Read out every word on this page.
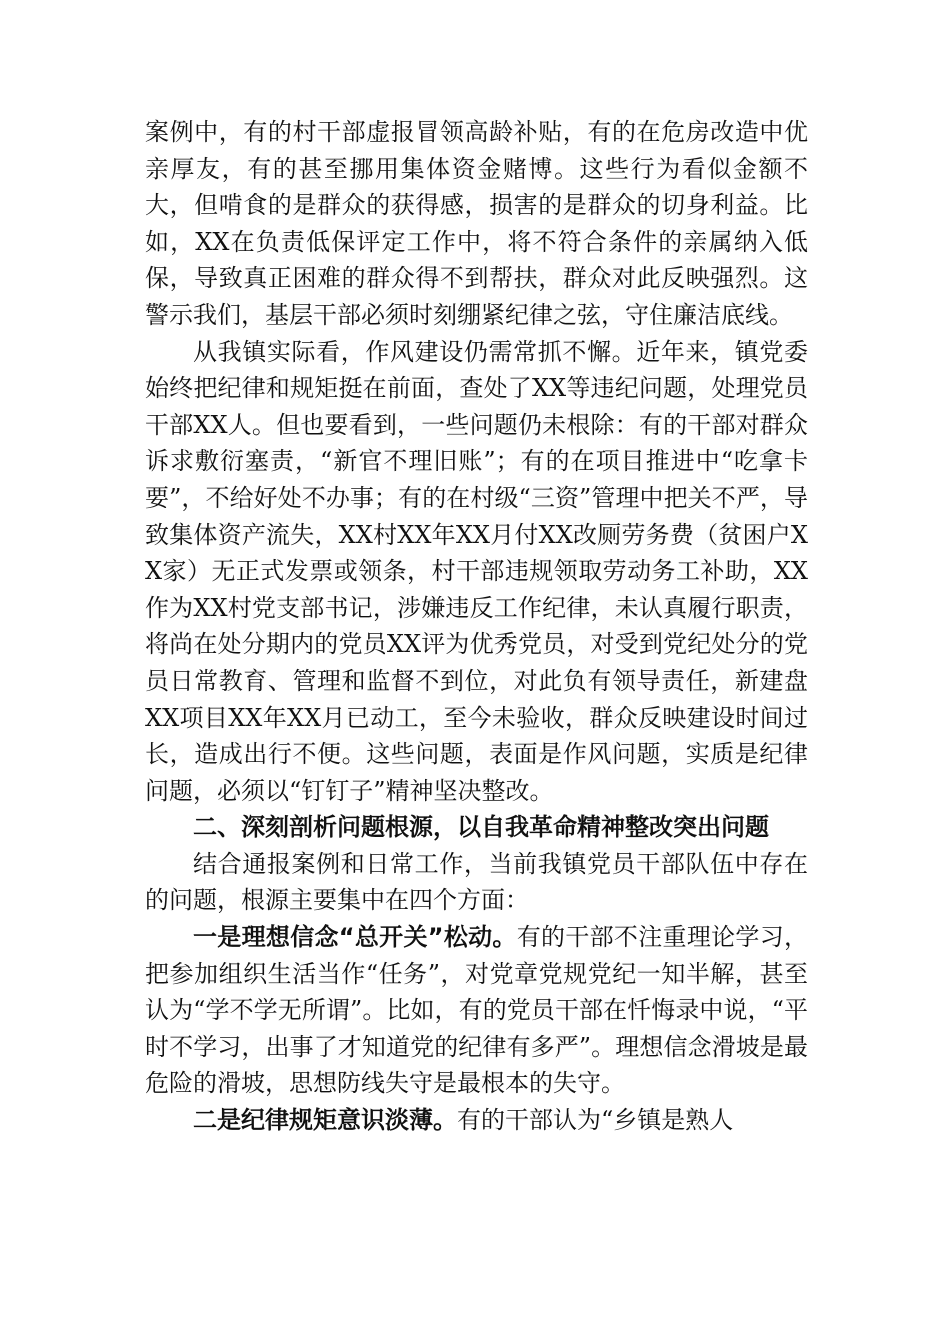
案例中，有的村干部虚报冒领高龄补贴，有的在危房改造中优亲厚友，有的甚至挪用集体资金赌博。这些行为看似金额不大，但啃食的是群众的获得感，损害的是群众的切身利益。比如，XX在负责低保评定工作中，将不符合条件的亲属纳入低保，导致真正困难的群众得不到帮扶，群众对此反映强烈。这警示我们，基层干部必须时刻绷紧纪律之弦，守住廉洁底线。

从我镇实际看，作风建设仍需常抓不懈。近年来，镇党委始终把纪律和规矩挺在前面，查处了XX等违纪问题，处理党员干部XX人。但也要看到，一些问题仍未根除：有的干部对群众诉求敷衍塞责，“新官不理旧账”；有的在项目推进中“吃拿卡要”，不给好处不办事；有的在村级“三资”管理中把关不严，导致集体资产流失，XX村XX年XX月付XX改厕劳务费（贫困户XX家）无正式发票或领条，村干部违规领取劳动务工补助，XX作为XX村党支部书记，涉嫌违反工作纪律，未认真履行职责，将尚在处分期内的党员XX评为优秀党员，对受到党纪处分的党员日常教育、管理和监督不到位，对此负有领导责任，新建盘XX项目XX年XX月已动工，至今未验收，群众反映建设时间过长，造成出行不便。这些问题，表面是作风问题，实质是纪律问题，必须以“钉钉子”精神坚决整改。

二、深刻剖析问题根源，以自我革命精神整改突出问题

结合通报案例和日常工作，当前我镇党员干部队伍中存在的问题，根源主要集中在四个方面：

一是理想信念“总开关”松动。有的干部不注重理论学习，把参加组织生活当作“任务”，对党章党规党纪一知半解，甚至认为“学不学无所谓”。比如，有的党员干部在忏悔录中说，“平时不学习，出事了才知道党的纪律有多严”。理想信念滑坡是最危险的滑坡，思想防线失守是最根本的失守。

二是纪律规矩意识淡薄。有的干部认为“乡镇是熟人
